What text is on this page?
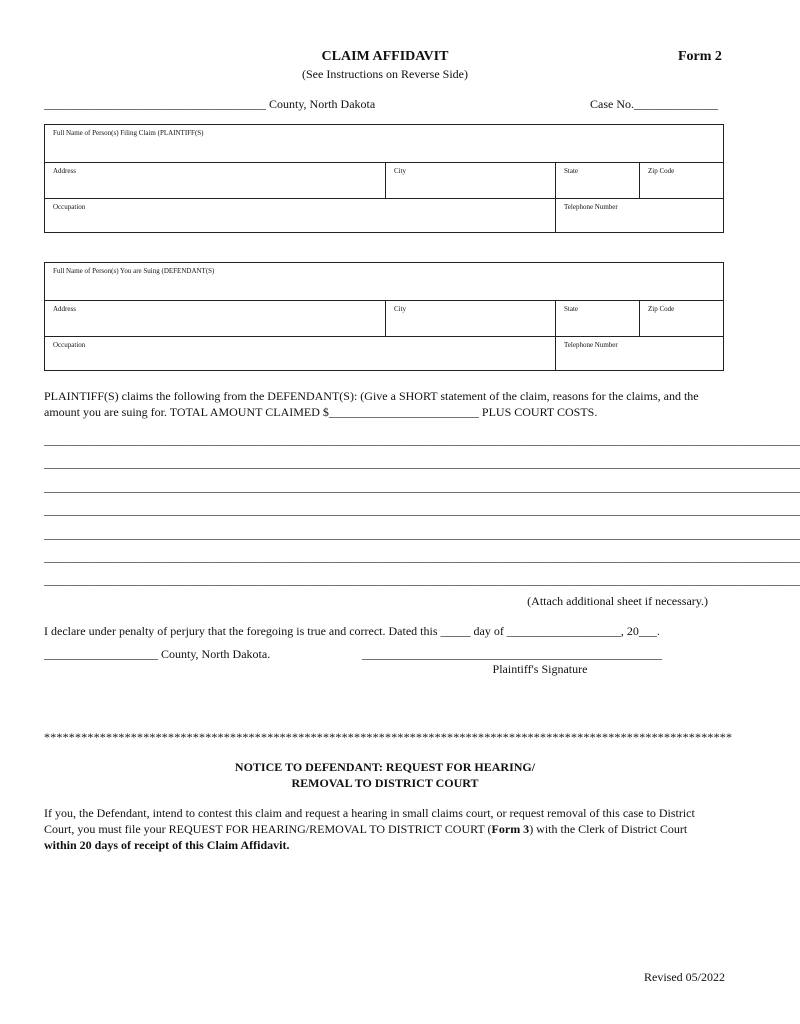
CLAIM AFFIDAVIT	Form 2
(See Instructions on Reverse Side)
_____________________________________ County, North Dakota	Case No.______________
Full Name of Person(s) Filing Claim (PLAINTIFF(S)
Address	City	State	Zip Code
Occupation	Telephone Number
Full Name of Person(s) You are Suing (DEFENDANT(S)
Address	City	State	Zip Code
Occupation	Telephone Number
PLAINTIFF(S) claims the following from the DEFENDANT(S): (Give a SHORT statement of the claim, reasons for the claims, and the
amount you are suing for. TOTAL AMOUNT CLAIMED $_________________________ PLUS COURT COSTS.
______________________________________________________________________________________________________________________________
______________________________________________________________________________________________________________________________
______________________________________________________________________________________________________________________________
______________________________________________________________________________________________________________________________
______________________________________________________________________________________________________________________________
______________________________________________________________________________________________________________________________
______________________________________________________________________________________________________________________________
(Attach additional sheet if necessary.)
I declare under penalty of perjury that the foregoing is true and correct. Dated this _____ day of ___________________, 20___.
___________________ County, North Dakota.	__________________________________________________
Plaintiff's Signature
***************************************************************************************************************
NOTICE TO DEFENDANT: REQUEST FOR HEARING/
REMOVAL TO DISTRICT COURT
If you, the Defendant, intend to contest this claim and request a hearing in small claims court, or request removal of this case to District
Court, you must file your REQUEST FOR HEARING/REMOVAL TO DISTRICT COURT (Form 3) with the Clerk of District Court
within 20 days of receipt of this Claim Affidavit.
Revised 05/2022
